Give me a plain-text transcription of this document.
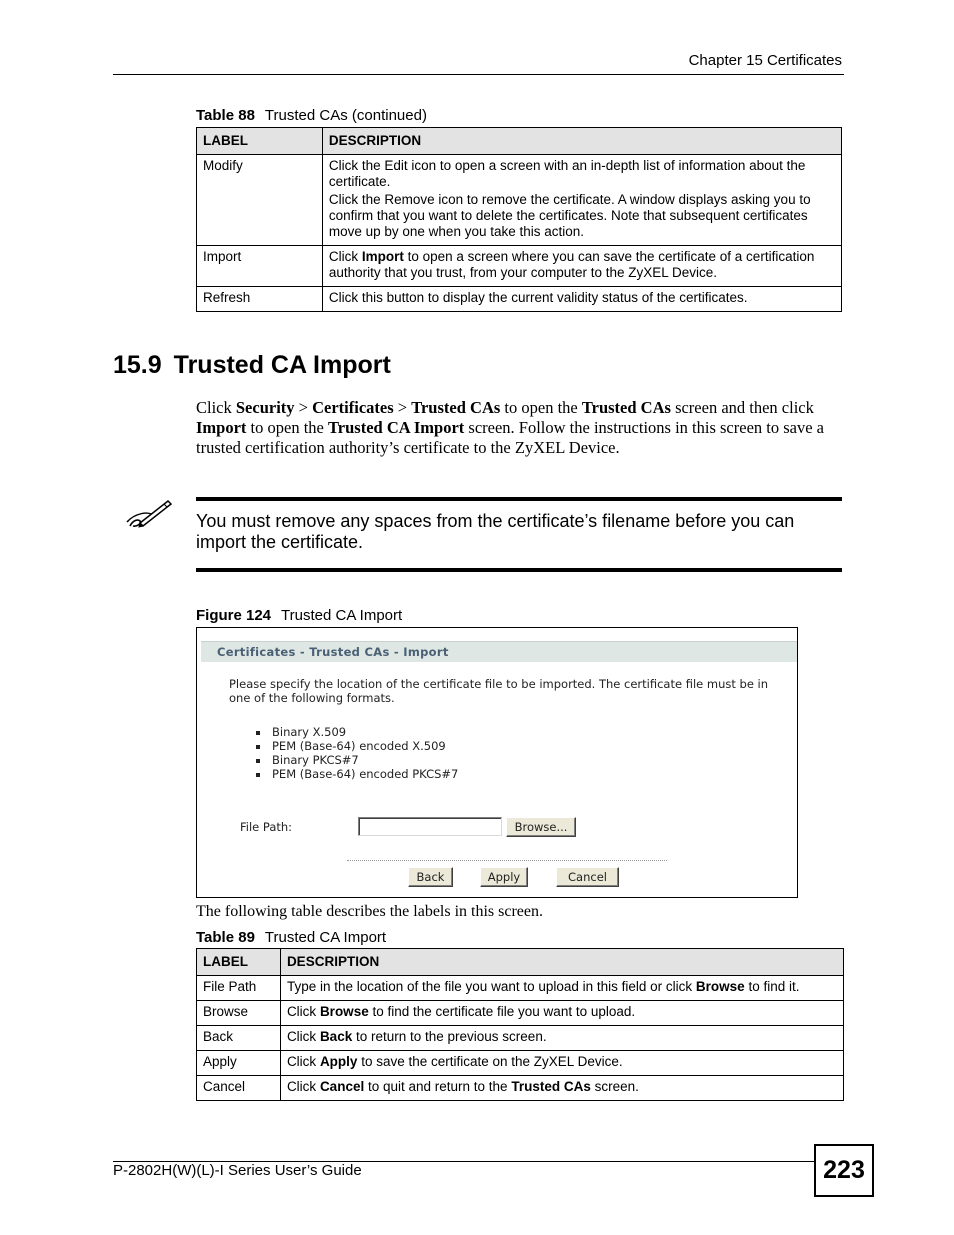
Chapter 15 Certificates
Table 88 Trusted CAs (continued)
LABEL	DESCRIPTION
Modify	Click the Edit icon to open a screen with an in-depth list of information about the certificate.

Click the Remove icon to remove the certificate. A window displays asking you to confirm that you want to delete the certificates. Note that subsequent certificates move up by one when you take this action.

Import	Click Import to open a screen where you can save the certificate of a certification authority that you trust, from your computer to the ZyXEL Device.
Refresh	Click this button to display the current validity status of the certificates.
15.9 Trusted CA Import
Click Security > Certificates > Trusted CAs to open the Trusted CAs screen and then click Import to open the Trusted CA Import screen. Follow the instructions in this screen to save a trusted certification authority’s certificate to the ZyXEL Device.
You must remove any spaces from the certificate’s filename before you can import the certificate.
Figure 124 Trusted CA Import
Certificates - Trusted CAs - Import
Please specify the location of the certificate file to be imported. The certificate file must be in one of the following formats.
Binary X.509
PEM (Base-64) encoded X.509
Binary PKCS#7
PEM (Base-64) encoded PKCS#7
File Path:	Browse...
Back	Apply	Cancel
The following table describes the labels in this screen.
Table 89 Trusted CA Import
LABEL	DESCRIPTION
File Path	Type in the location of the file you want to upload in this field or click Browse to find it.
Browse	Click Browse to find the certificate file you want to upload.
Back	Click Back to return to the previous screen.
Apply	Click Apply to save the certificate on the ZyXEL Device.
Cancel	Click Cancel to quit and return to the Trusted CAs screen.
P-2802H(W)(L)-I Series User’s Guide	223
